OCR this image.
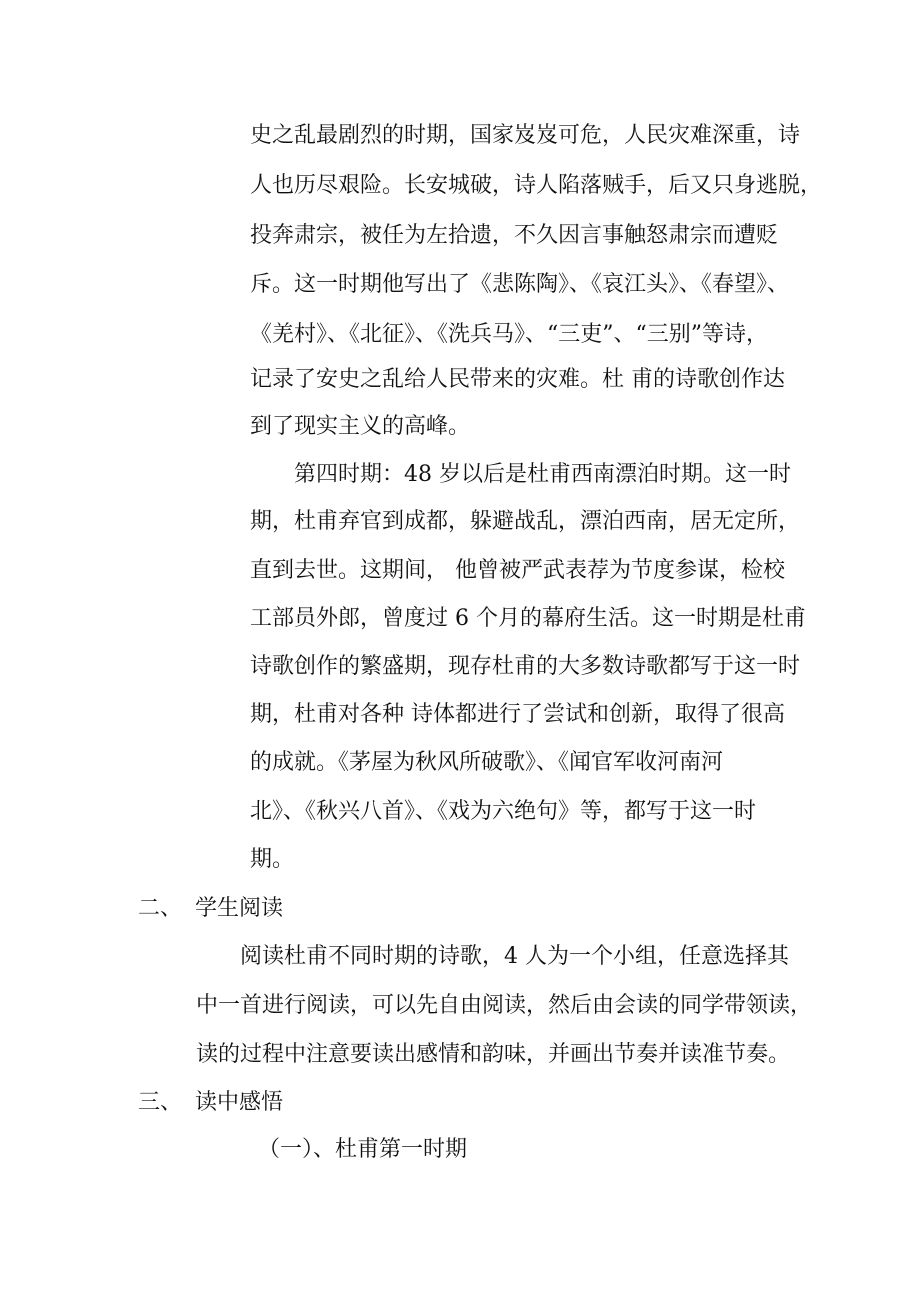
史之乱最剧烈的时期，国家岌岌可危，人民灾难深重，诗
人也历尽艰险。长安城破，诗人陷落贼手，后又只身逃脱，
投奔肃宗，被任为左拾遗，不久因言事触怒肃宗而遭贬
斥。这一时期他写出了《悲陈陶》、《哀江头》、《春望》、
《羌村》、《北征》、《洗兵马》、“三吏”、“三别”等诗，
记录了安史之乱给人民带来的灾难。杜 甫的诗歌创作达
到了现实主义的高峰。
第四时期：48 岁以后是杜甫西南漂泊时期。这一时
期，杜甫弃官到成都，躲避战乱，漂泊西南，居无定所，
直到去世。这期间， 他曾被严武表荐为节度参谋，检校
工部员外郎，曾度过 6 个月的幕府生活。这一时期是杜甫
诗歌创作的繁盛期，现存杜甫的大多数诗歌都写于这一时
期，杜甫对各种 诗体都进行了尝试和创新，取得了很高
的成就。《茅屋为秋风所破歌》、《闻官军收河南河
北》、《秋兴八首》、《戏为六绝句》等，都写于这一时
期。
二、 学生阅读
阅读杜甫不同时期的诗歌，4 人为一个小组，任意选择其
中一首进行阅读，可以先自由阅读，然后由会读的同学带领读，
读的过程中注意要读出感情和韵味，并画出节奏并读准节奏。
三、 读中感悟
（一）、杜甫第一时期
